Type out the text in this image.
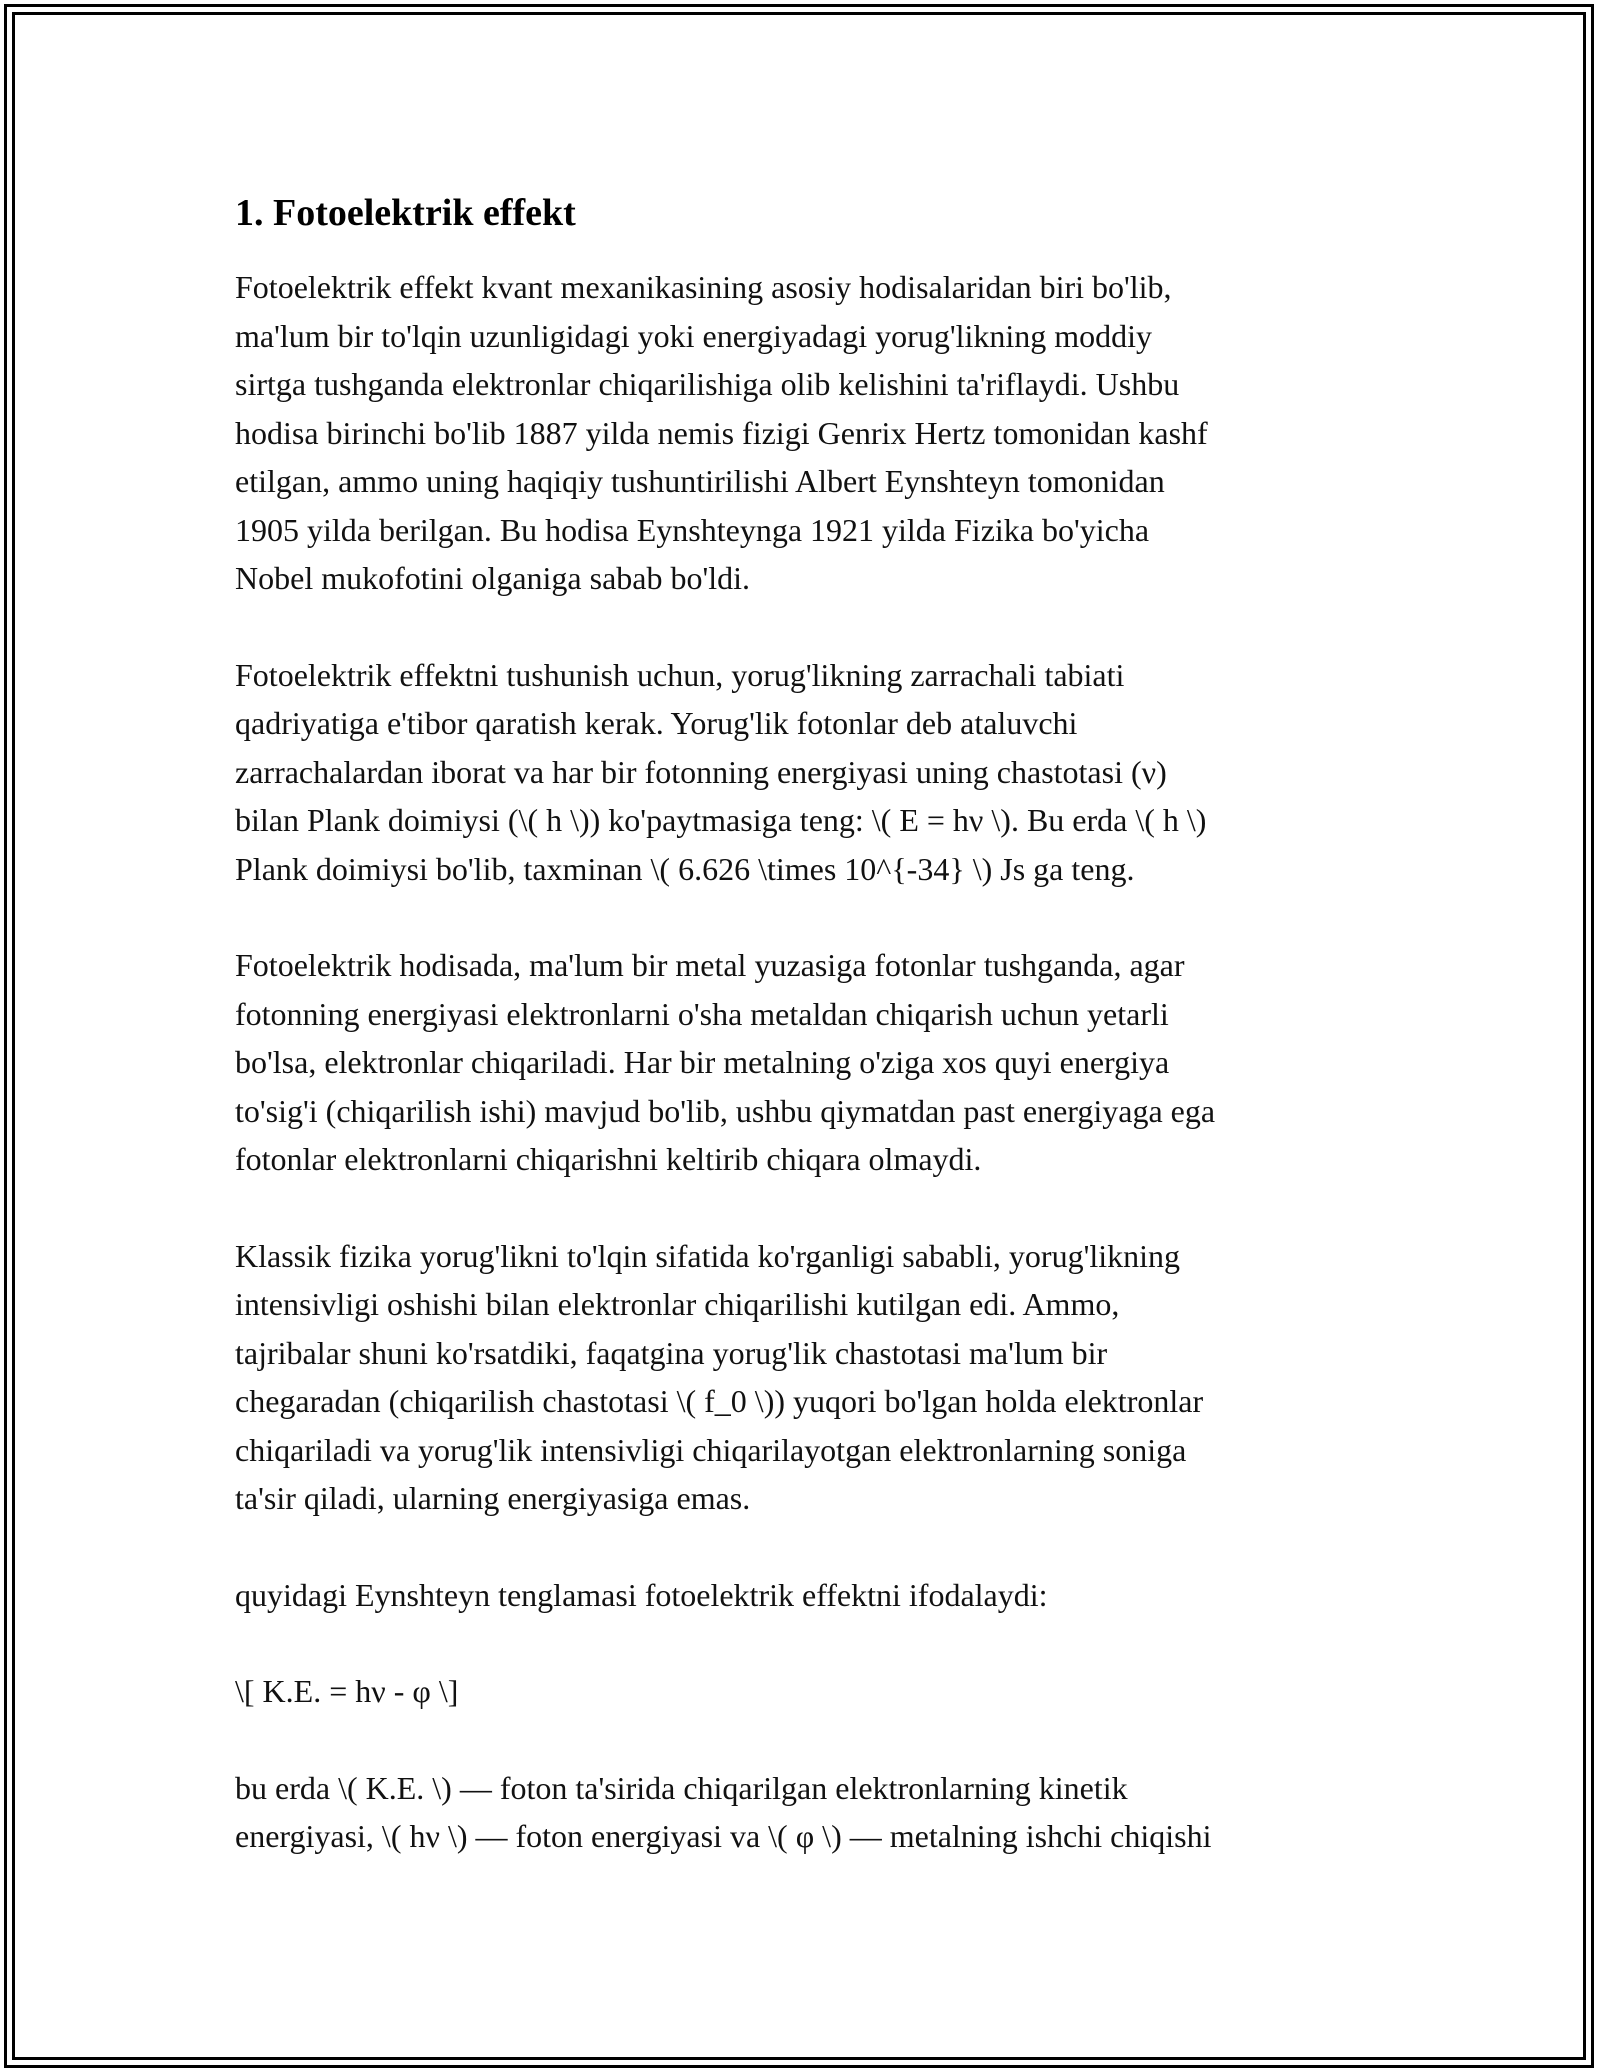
1. Fotoelektrik effekt

Fotoelektrik effekt kvant mexanikasining asosiy hodisalaridan biri bo'lib,
ma'lum bir to'lqin uzunligidagi yoki energiyadagi yorug'likning moddiy
sirtga tushganda elektronlar chiqarilishiga olib kelishini ta'riflaydi. Ushbu
hodisa birinchi bo'lib 1887 yilda nemis fizigi Genrix Hertz tomonidan kashf
etilgan, ammo uning haqiqiy tushuntirilishi Albert Eynshteyn tomonidan
1905 yilda berilgan. Bu hodisa Eynshteynga 1921 yilda Fizika bo'yicha
Nobel mukofotini olganiga sabab bo'ldi.

Fotoelektrik effektni tushunish uchun, yorug'likning zarrachali tabiati
qadriyatiga e'tibor qaratish kerak. Yorug'lik fotonlar deb ataluvchi
zarrachalardan iborat va har bir fotonning energiyasi uning chastotasi (ν)
bilan Plank doimiysi (\( h \)) ko'paytmasiga teng: \( E = hν \). Bu erda \( h \)
Plank doimiysi bo'lib, taxminan \( 6.626 \times 10^{-34} \) Js ga teng.

Fotoelektrik hodisada, ma'lum bir metal yuzasiga fotonlar tushganda, agar
fotonning energiyasi elektronlarni o'sha metaldan chiqarish uchun yetarli
bo'lsa, elektronlar chiqariladi. Har bir metalning o'ziga xos quyi energiya
to'sig'i (chiqarilish ishi) mavjud bo'lib, ushbu qiymatdan past energiyaga ega
fotonlar elektronlarni chiqarishni keltirib chiqara olmaydi.

Klassik fizika yorug'likni to'lqin sifatida ko'rganligi sababli, yorug'likning
intensivligi oshishi bilan elektronlar chiqarilishi kutilgan edi. Ammo,
tajribalar shuni ko'rsatdiki, faqatgina yorug'lik chastotasi ma'lum bir
chegaradan (chiqarilish chastotasi \( f_0 \)) yuqori bo'lgan holda elektronlar
chiqariladi va yorug'lik intensivligi chiqarilayotgan elektronlarning soniga
ta'sir qiladi, ularning energiyasiga emas.

quyidagi Eynshteyn tenglamasi fotoelektrik effektni ifodalaydi:

\[ K.E. = hν - φ \]

bu erda \( K.E. \) — foton ta'sirida chiqarilgan elektronlarning kinetik
energiyasi, \( hν \) — foton energiyasi va \( φ \) — metalning ishchi chiqishi
